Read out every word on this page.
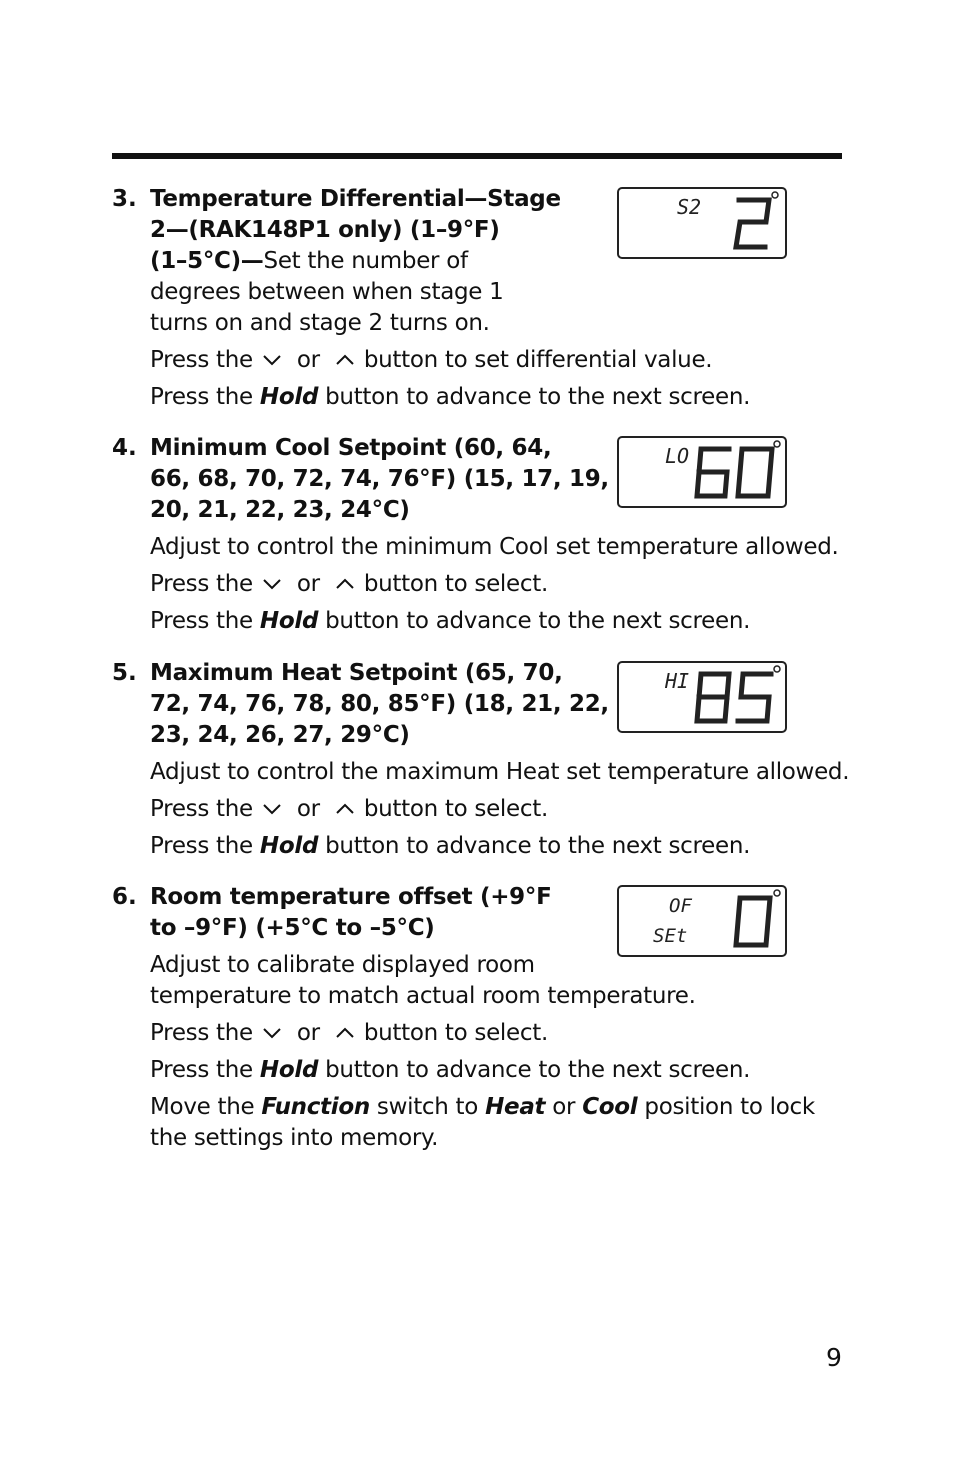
3. Temperature Differential—Stage
2—(RAK148P1 only) (1–9°F)
(1–5°C)—Set the number of
degrees between when stage 1
turns on and stage 2 turns on.
Press the or button to set differential value.
Press the Hold button to advance to the next screen.
S2
4. Minimum Cool Setpoint (60, 64,
66, 68, 70, 72, 74, 76°F) (15, 17, 19,
20, 21, 22, 23, 24°C)
Adjust to control the minimum Cool set temperature allowed.
Press the or button to select.
Press the Hold button to advance to the next screen.
LO
5. Maximum Heat Setpoint (65, 70,
72, 74, 76, 78, 80, 85°F) (18, 21, 22,
23, 24, 26, 27, 29°C)
Adjust to control the maximum Heat set temperature allowed.
Press the or button to select.
Press the Hold button to advance to the next screen.
HI
6. Room temperature offset (+9°F
to –9°F) (+5°C to –5°C)
Adjust to calibrate displayed room
temperature to match actual room temperature.
Press the or button to select.
Press the Hold button to advance to the next screen.
Move the Function switch to Heat or Cool position to lock
the settings into memory.
OF
SEt
9
